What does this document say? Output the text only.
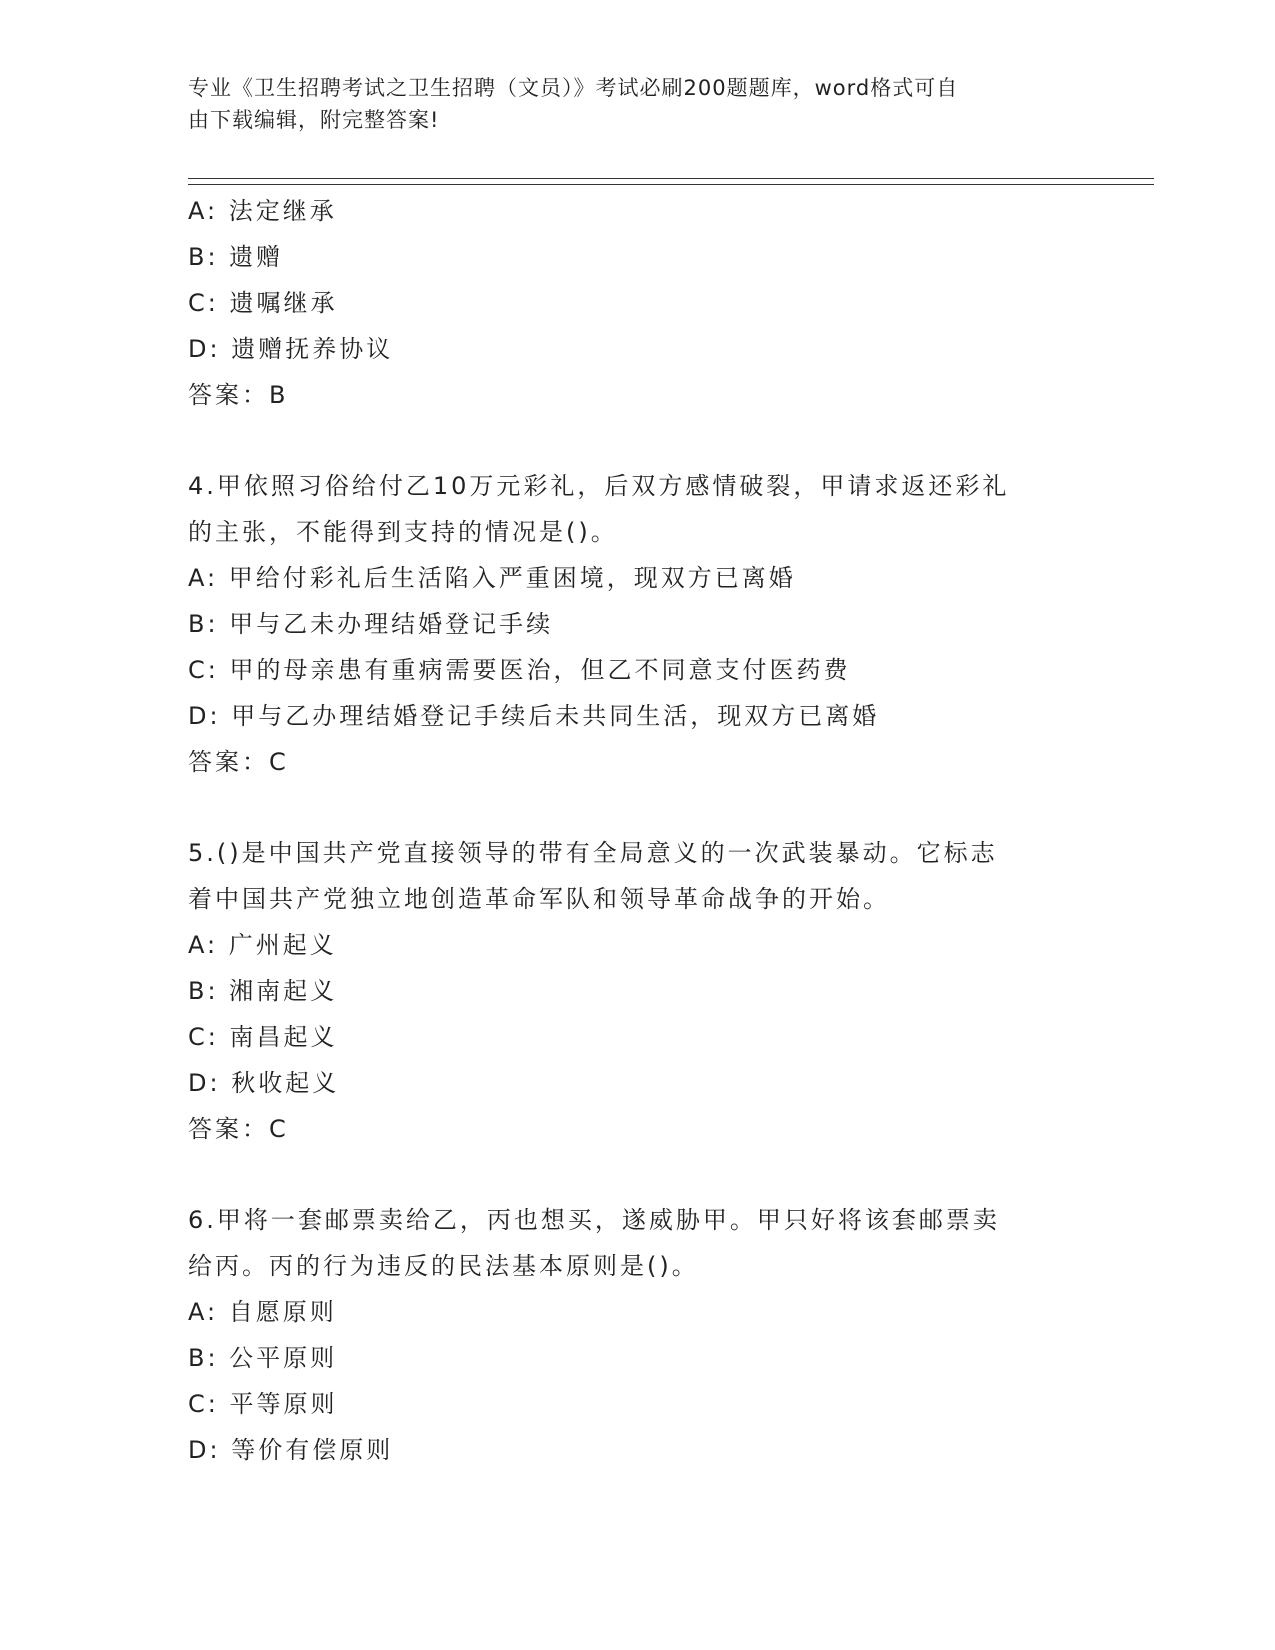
专业《卫生招聘考试之卫生招聘（文员）》考试必刷200题题库，word格式可自
由下载编辑，附完整答案!
A: 法定继承
B: 遗赠
C: 遗嘱继承
D: 遗赠抚养协议
答案：B
4.甲依照习俗给付乙10万元彩礼，后双方感情破裂，甲请求返还彩礼
的主张，不能得到支持的情况是()。
A: 甲给付彩礼后生活陷入严重困境，现双方已离婚
B: 甲与乙未办理结婚登记手续
C: 甲的母亲患有重病需要医治，但乙不同意支付医药费
D: 甲与乙办理结婚登记手续后未共同生活，现双方已离婚
答案：C
5.()是中国共产党直接领导的带有全局意义的一次武装暴动。它标志
着中国共产党独立地创造革命军队和领导革命战争的开始。
A: 广州起义
B: 湘南起义
C: 南昌起义
D: 秋收起义
答案：C
6.甲将一套邮票卖给乙，丙也想买，遂威胁甲。甲只好将该套邮票卖
给丙。丙的行为违反的民法基本原则是()。
A: 自愿原则
B: 公平原则
C: 平等原则
D: 等价有偿原则
